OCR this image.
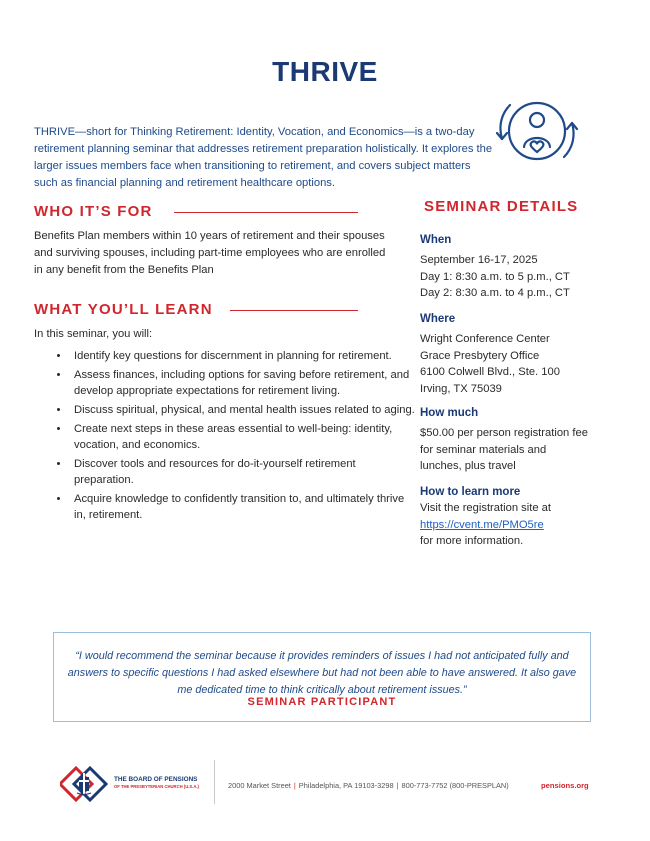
THRIVE
THRIVE—short for Thinking Retirement: Identity, Vocation, and Economics—is a two-day retirement planning seminar that addresses retirement preparation holistically. It explores the larger issues members face when transitioning to retirement, and covers subject matters such as financial planning and retirement healthcare options.
WHO IT’S FOR
Benefits Plan members within 10 years of retirement and their spouses and surviving spouses, including part-time employees who are enrolled in any benefit from the Benefits Plan
WHAT YOU’LL LEARN
In this seminar, you will:
• Identify key questions for discernment in planning for retirement.
• Assess finances, including options for saving before retirement, and develop appropriate expectations for retirement living.
• Discuss spiritual, physical, and mental health issues related to aging.
• Create next steps in these areas essential to well-being: identity, vocation, and economics.
• Discover tools and resources for do-it-yourself retirement preparation.
• Acquire knowledge to confidently transition to, and ultimately thrive in, retirement.
SEMINAR DETAILS
When
September 16-17, 2025
Day 1: 8:30 a.m. to 5 p.m., CT
Day 2: 8:30 a.m. to 4 p.m., CT
Where
Wright Conference Center
Grace Presbytery Office
6100 Colwell Blvd., Ste. 100
Irving, TX 75039
How much
$50.00 per person registration fee
for seminar materials and
lunches, plus travel
How to learn more
Visit the registration site at
https://cvent.me/PMO5re
for more information.
“I would recommend the seminar because it provides reminders of issues I had not anticipated fully and answers to specific questions I had asked elsewhere but had not been able to have answered. It also gave me dedicated time to think critically about retirement issues.”
SEMINAR PARTICIPANT
THE BOARD OF PENSIONS
OF THE PRESBYTERIAN CHURCH (U.S.A.)	2000 Market Street | Philadelphia, PA 19103-3298 | 800-773-7752 (800-PRESPLAN)	pensions.org
